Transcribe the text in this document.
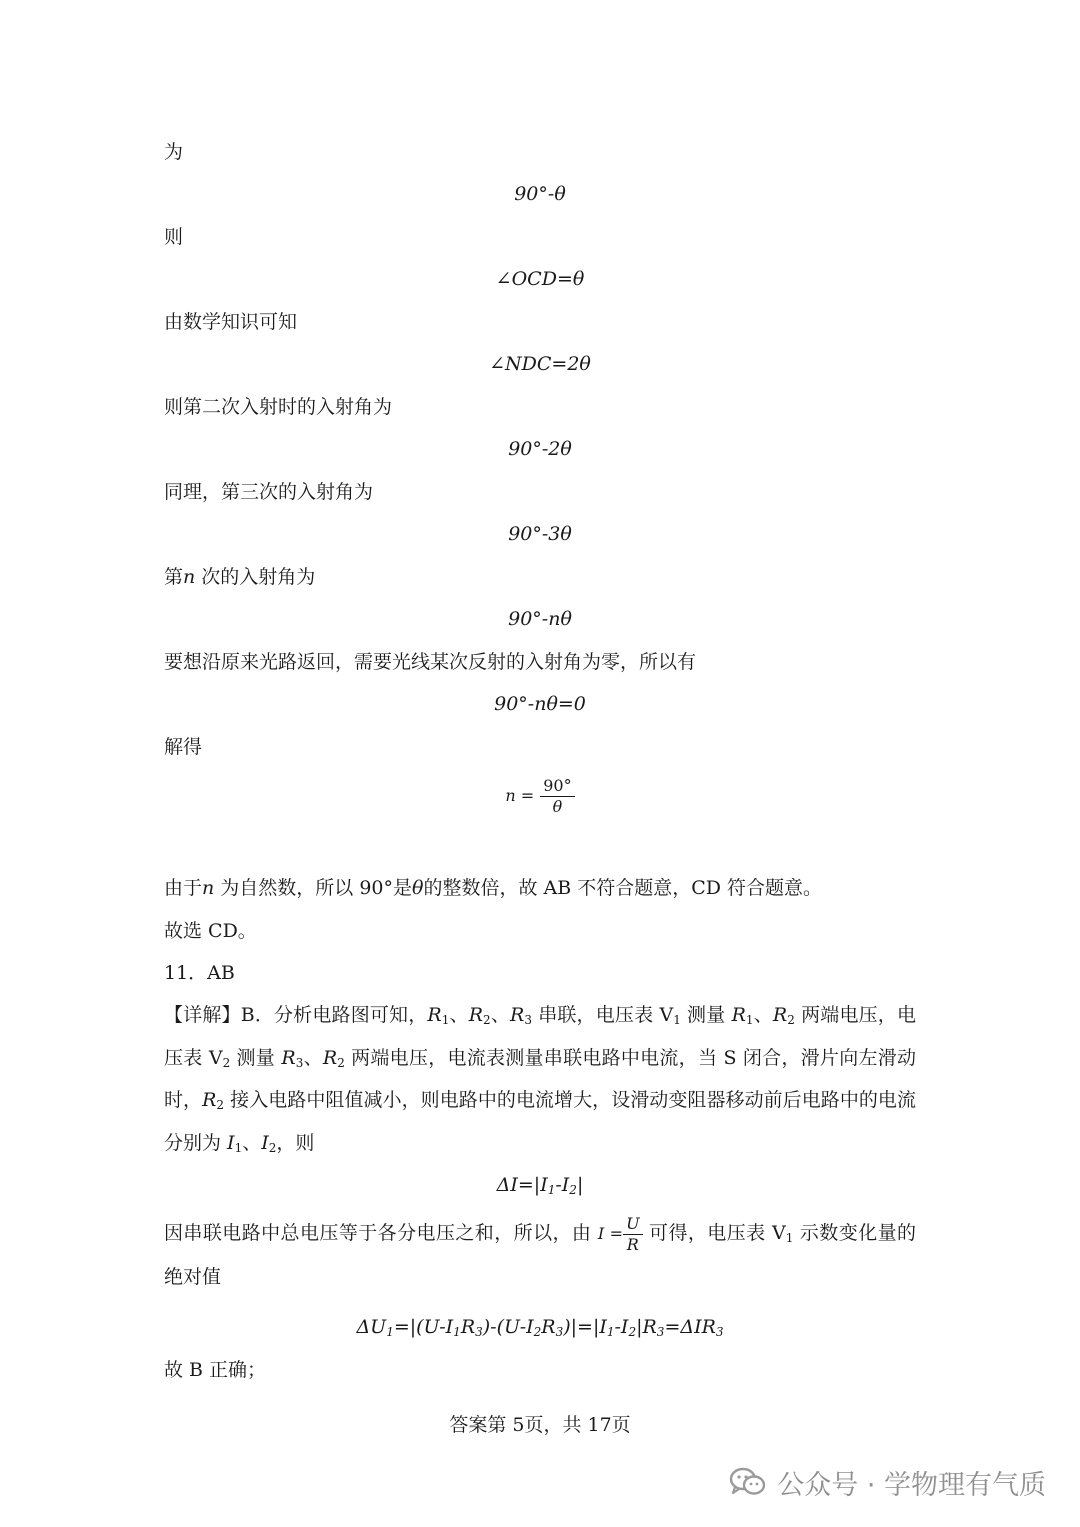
为
90°-θ
则
∠OCD=θ
由数学知识可知
∠NDC=2θ
则第二次入射时的入射角为
90°-2θ
同理，第三次的入射角为
90°-3θ
第n 次的入射角为
90°-nθ
要想沿原来光路返回，需要光线某次反射的入射角为零，所以有
90°-nθ=0
解得
$n = \frac{90^\circ}{\theta}$
由于n 为自然数，所以 90°是θ的整数倍，故 AB 不符合题意，CD 符合题意。
故选 CD。
11．AB
【详解】B．分析电路图可知，$R_1$、$R_2$、$R_3$ 串联，电压表 $V_1$ 测量 $R_1$、$R_2$ 两端电压，电压表 $V_2$ 测量 $R_3$、$R_2$ 两端电压，电流表测量串联电路中电流，当 S 闭合，滑片向左滑动时，$R_2$ 接入电路中阻值减小，则电路中的电流增大，设滑动变阻器移动前后电路中的电流分别为 $I_1$、$I_2$，则
$\Delta I=|I_1-I_2|$
因串联电路中总电压等于各分电压之和，所以，由 $I = \frac{U}{R}$ 可得，电压表 $V_1$ 示数变化量的绝对值
$\Delta U_1=|(U-I_1R_3)-(U-I_2R_3)|=|I_1-I_2|R_3=\Delta IR_3$
故 B 正确；
答案第 5页，共 17页
公众号 · 学物理有气质
